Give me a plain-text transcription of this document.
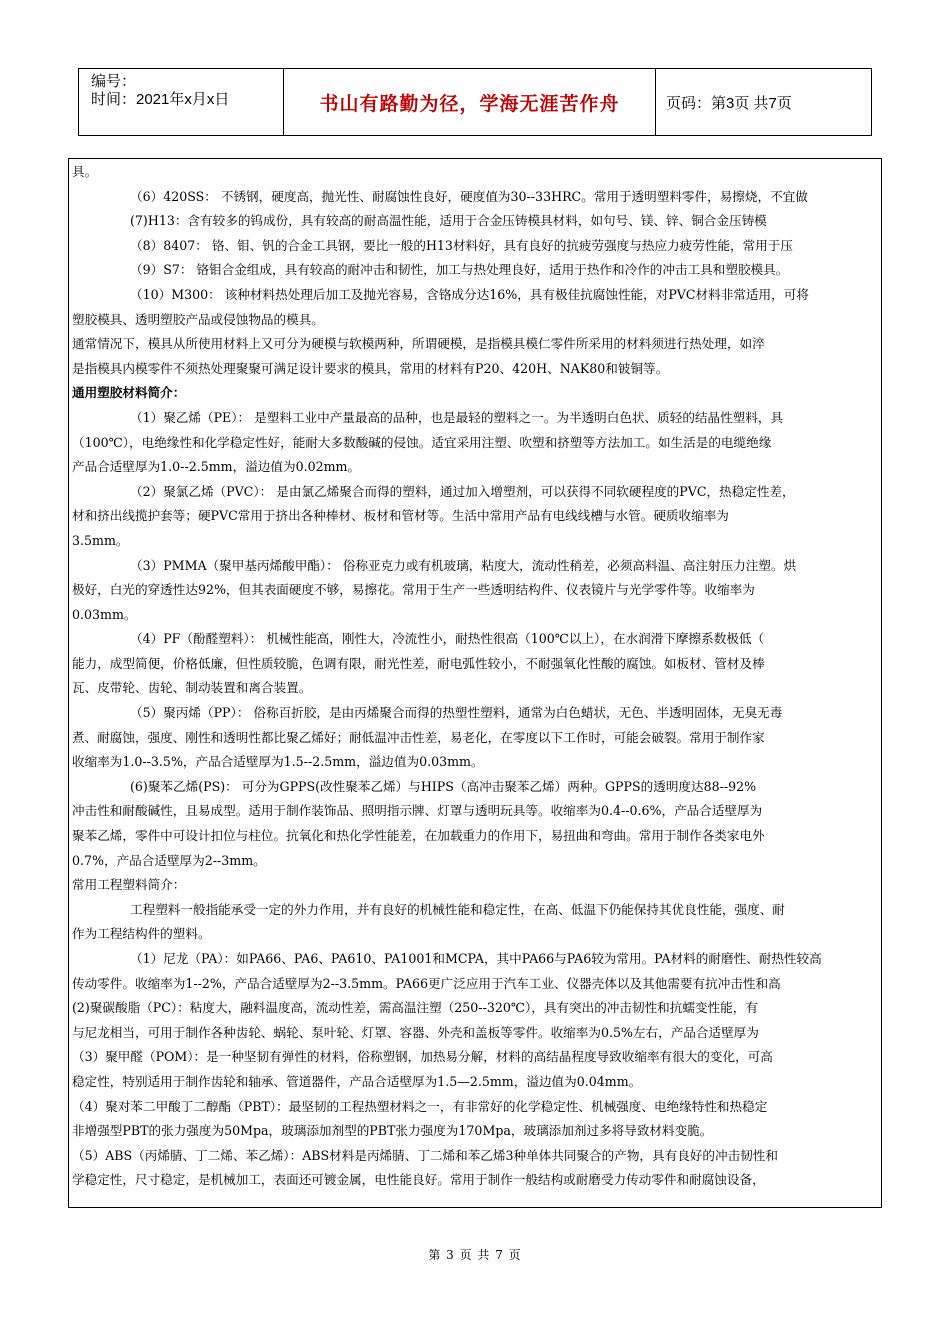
编号：
时间：2021年x月x日	书山有路勤为径，学海无涯苦作舟	页码：第3页 共7页
具。
（6）420SS： 不锈钢，硬度高，抛光性、耐腐蚀性良好，硬度值为30--33HRC。常用于透明塑料零件，易擦烧，不宜做
(7)H13：含有较多的钨成份，具有较高的耐高温性能，适用于合金压铸模具材料，如句号、镁、锌、铜合金压铸模
（8）8407： 铬、钼、钒的合金工具钢，要比一般的H13材料好，具有良好的抗疲劳强度与热应力疲劳性能，常用于压
（9）S7： 铬钼合金组成，具有较高的耐冲击和韧性，加工与热处理良好，适用于热作和冷作的冲击工具和塑胶模具。
（10）M300： 该种材料热处理后加工及抛光容易，含铬成分达16%，具有极佳抗腐蚀性能，对PVC材料非常适用，可将
塑胶模具、透明塑胶产品或侵蚀物品的模具。
通常情况下，模具从所使用材料上又可分为硬模与软模两种，所谓硬模，是指模具模仁零件所采用的材料须进行热处理，如淬
是指模具内模零件不须热处理聚聚可满足设计要求的模具，常用的材料有P20、420H、NAK80和铍铜等。
通用塑胶材料简介：
（1）聚乙烯（PE）： 是塑料工业中产量最高的品种，也是最轻的塑料之一。为半透明白色状、质轻的结晶性塑料，具
（100℃），电绝缘性和化学稳定性好，能耐大多数酸碱的侵蚀。适宜采用注塑、吹塑和挤塑等方法加工。如生活是的电缆绝缘
产品合适壁厚为1.0--2.5mm，溢边值为0.02mm。
（2）聚氯乙烯（PVC）： 是由氯乙烯聚合而得的塑料，通过加入增塑剂，可以获得不同软硬程度的PVC，热稳定性差，
材和挤出线揽护套等；硬PVC常用于挤出各种棒材、板材和管材等。生活中常用产品有电线线槽与水管。硬质收缩率为
3.5mm。
（3）PMMA（聚甲基丙烯酸甲酯）： 俗称亚克力或有机玻璃，粘度大，流动性稍差，必须高料温、高注射压力注塑。烘
极好，白光的穿透性达92%，但其表面硬度不够，易擦花。常用于生产一些透明结构件、仪表镜片与光学零件等。收缩率为
0.03mm。
（4）PF（酚醛塑料）： 机械性能高，刚性大，冷流性小，耐热性很高（100℃以上），在水润滑下摩擦系数极低（
能力，成型简便，价格低廉，但性质较脆，色调有限，耐光性差，耐电弧性较小，不耐强氧化性酸的腐蚀。如板材、管材及棒
瓦、皮带轮、齿轮、制动装置和离合装置。
（5）聚丙烯（PP）： 俗称百折胶，是由丙烯聚合而得的热塑性塑料，通常为白色蜡状，无色、半透明固体，无臭无毒
煮、耐腐蚀，强度、刚性和透明性都比聚乙烯好；耐低温冲击性差，易老化，在零度以下工作时，可能会破裂。常用于制作家
收缩率为1.0--3.5%，产品合适壁厚为1.5--2.5mm，溢边值为0.03mm。
(6)聚苯乙烯(PS)： 可分为GPPS(改性聚苯乙烯）与HIPS（高冲击聚苯乙烯）两种。GPPS的透明度达88--92%
冲击性和耐酸碱性，且易成型。适用于制作装饰品、照明指示牌、灯罩与透明玩具等。收缩率为0.4--0.6%，产品合适壁厚为
聚苯乙烯，零件中可设计扣位与柱位。抗氧化和热化学性能差，在加载重力的作用下，易扭曲和弯曲。常用于制作各类家电外
0.7%，产品合适壁厚为2--3mm。
常用工程塑料简介：
工程塑料一般指能承受一定的外力作用，并有良好的机械性能和稳定性，在高、低温下仍能保持其优良性能，强度、耐
作为工程结构件的塑料。
（1）尼龙（PA）：如PA66、PA6、PA610、PA1001和MCPA，其中PA66与PA6较为常用。PA材料的耐磨性、耐热性较高
传动零件。收缩率为1--2%，产品合适壁厚为2--3.5mm。PA66更广泛应用于汽车工业、仪器壳体以及其他需要有抗冲击性和高
(2)聚碳酸脂（PC）：粘度大，融料温度高，流动性差，需高温注塑（250--320℃），具有突出的冲击韧性和抗蠕变性能，有
与尼龙相当，可用于制作各种齿轮、蜗轮、泵叶轮、灯罩、容器、外壳和盖板等零件。收缩率为0.5%左右，产品合适壁厚为
（3）聚甲醛（POM）：是一种坚韧有弹性的材料，俗称塑钢，加热易分解，材料的高结晶程度导致收缩率有很大的变化，可高
稳定性，特别适用于制作齿轮和轴承、管道器件，产品合适壁厚为1.5—2.5mm，溢边值为0.04mm。
（4）聚对苯二甲酸丁二醇酯（PBT）：最坚韧的工程热塑材料之一，有非常好的化学稳定性、机械强度、电绝缘特性和热稳定
非增强型PBT的张力强度为50Mpa，玻璃添加剂型的PBT张力强度为170Mpa，玻璃添加剂过多将导致材料变脆。
（5）ABS（丙烯腈、丁二烯、苯乙烯）：ABS材料是丙烯腈、丁二烯和苯乙烯3种单体共同聚合的产物，具有良好的冲击韧性和
学稳定性，尺寸稳定，是机械加工，表面还可镀金属，电性能良好。常用于制作一般结构或耐磨受力传动零件和耐腐蚀设备，
第 3 页 共 7 页
